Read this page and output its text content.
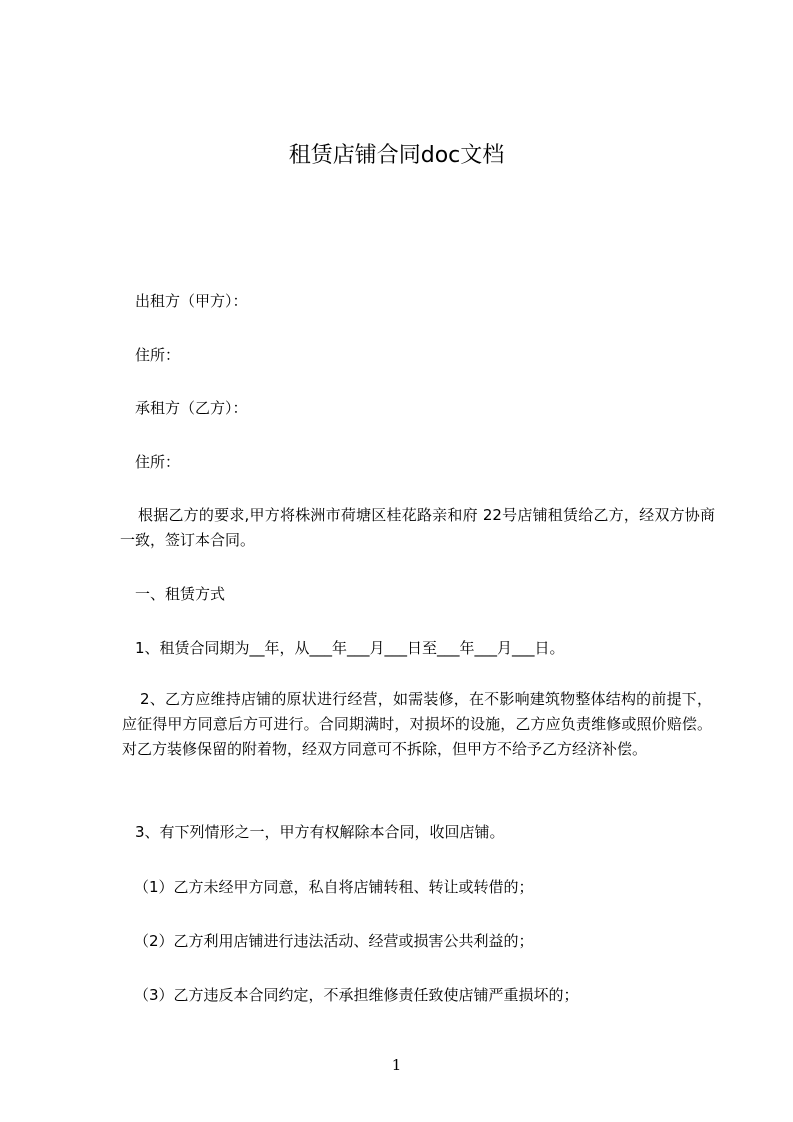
租赁店铺合同doc文档
出租方（甲方）：
住所：
承租方（乙方）：
住所：
根据乙方的要求,甲方将株洲市荷塘区桂花路亲和府 22号店铺租赁给乙方，经双方协商一致，签订本合同。
一、租赁方式
1、租赁合同期为__年，从___年___月___日至___年___月___日。
2、乙方应维持店铺的原状进行经营，如需装修，在不影响建筑物整体结构的前提下，应征得甲方同意后方可进行。合同期满时，对损坏的设施，乙方应负责维修或照价赔偿。对乙方装修保留的附着物，经双方同意可不拆除，但甲方不给予乙方经济补偿。
3、有下列情形之一，甲方有权解除本合同，收回店铺。
（1）乙方未经甲方同意，私自将店铺转租、转让或转借的；
（2）乙方利用店铺进行违法活动、经营或损害公共利益的；
（3）乙方违反本合同约定，不承担维修责任致使店铺严重损坏的；
1
